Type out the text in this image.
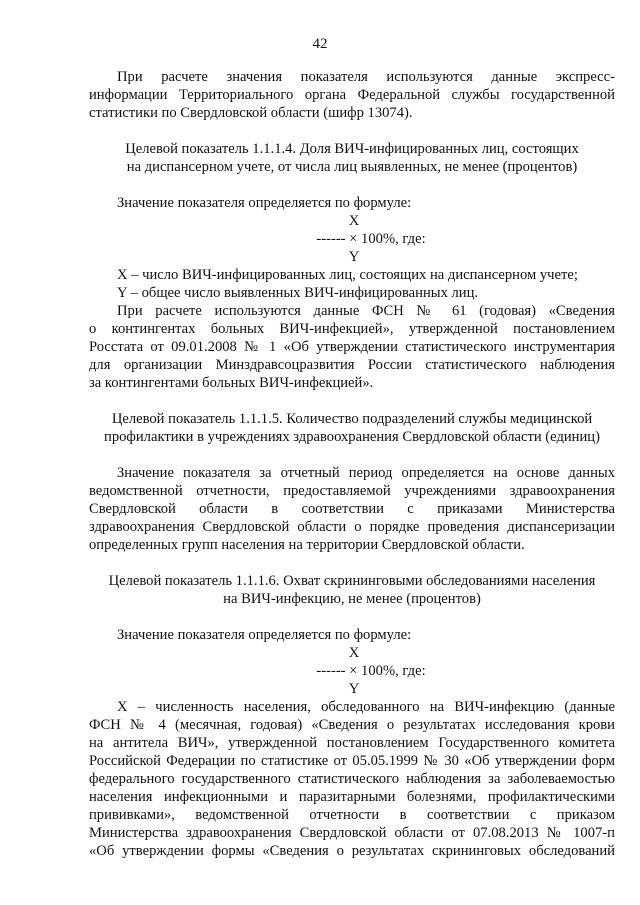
42

При расчете значения показателя используются данные экспресс-

информации Территориального органа Федеральной службы государственной

статистики по Свердловской области (шифр 13074).

Целевой показатель 1.1.1.4. Доля ВИЧ-инфицированных лиц, состоящих

на диспансерном учете, от числа лиц выявленных, не менее (процентов)

Значение показателя определяется по формуле:

X
------ × 100%, где:
Y

X – число ВИЧ-инфицированных лиц, состоящих на диспансерном учете;

Y – общее число выявленных ВИЧ-инфицированных лиц.

При расчете используются данные ФСН № 61 (годовая) «Сведения

о контингентах больных ВИЧ-инфекцией», утвержденной постановлением

Росстата от 09.01.2008 № 1 «Об утверждении статистического инструментария

для организации Минздравсоцразвития России статистического наблюдения

за контингентами больных ВИЧ-инфекцией».

Целевой показатель 1.1.1.5. Количество подразделений службы медицинской

профилактики в учреждениях здравоохранения Свердловской области (единиц)

Значение показателя за отчетный период определяется на основе данных

ведомственной отчетности, предоставляемой учреждениями здравоохранения

Свердловской области в соответствии с приказами Министерства

здравоохранения Свердловской области о порядке проведения диспансеризации

определенных групп населения на территории Свердловской области.

Целевой показатель 1.1.1.6. Охват скрининговыми обследованиями населения

на ВИЧ-инфекцию, не менее (процентов)

Значение показателя определяется по формуле:

X
------ × 100%, где:
Y

X – численность населения, обследованного на ВИЧ-инфекцию (данные

ФСН № 4 (месячная, годовая) «Сведения о результатах исследования крови

на антитела ВИЧ», утвержденной постановлением Государственного комитета

Российской Федерации по статистике от 05.05.1999 № 30 «Об утверждении форм

федерального государственного статистического наблюдения за заболеваемостью

населения инфекционными и паразитарными болезнями, профилактическими

прививками», ведомственной отчетности в соответствии с приказом

Министерства здравоохранения Свердловской области от 07.08.2013 № 1007-п

«Об утверждении формы «Сведения о результатах скрининговых обследований
